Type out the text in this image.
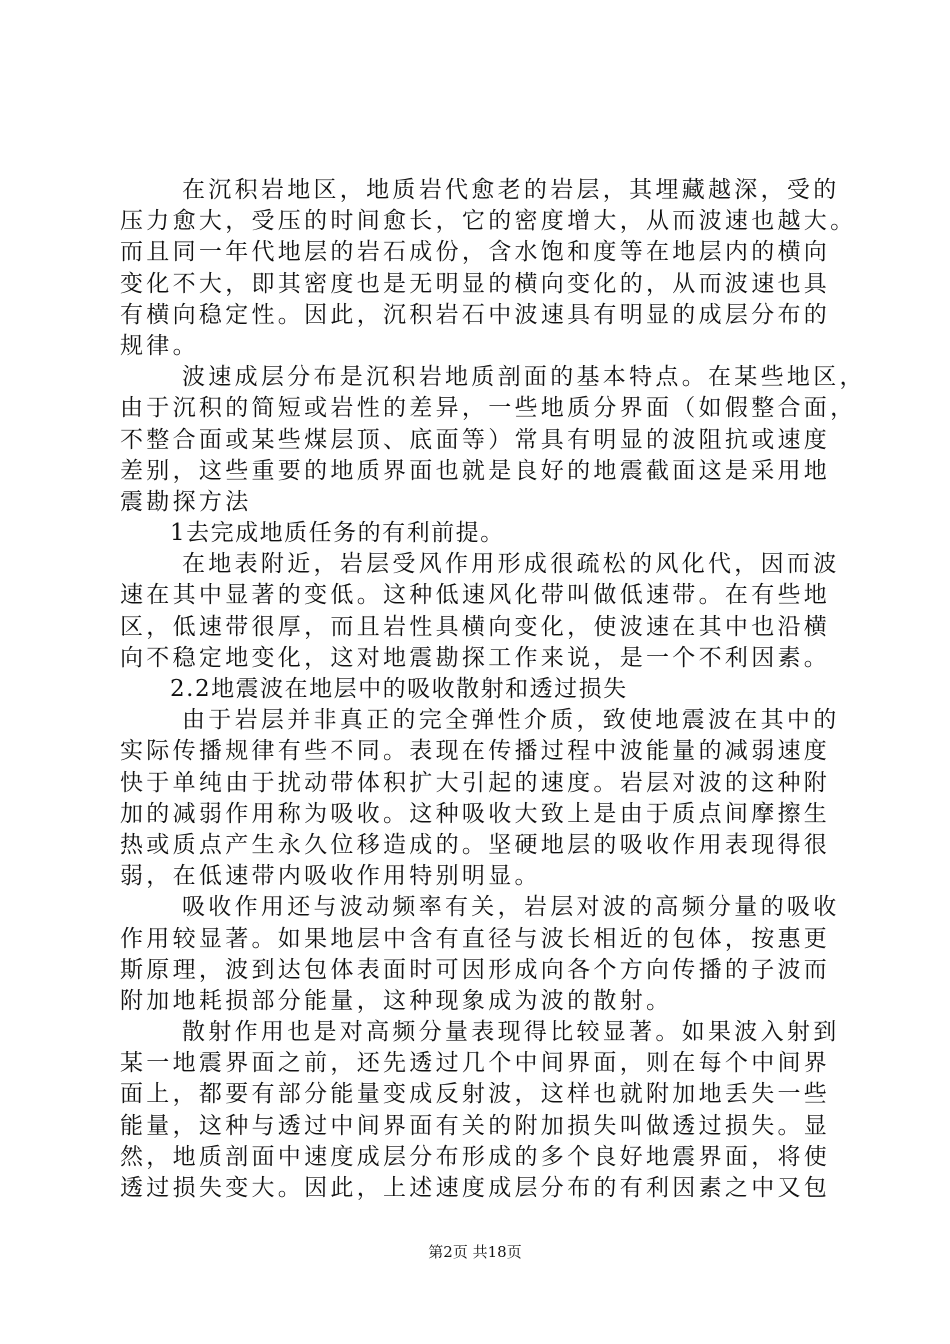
在沉积岩地区，地质岩代愈老的岩层，其埋藏越深，受的
压力愈大，受压的时间愈长，它的密度增大，从而波速也越大。
而且同一年代地层的岩石成份，含水饱和度等在地层内的横向
变化不大，即其密度也是无明显的横向变化的，从而波速也具
有横向稳定性。因此，沉积岩石中波速具有明显的成层分布的
规律。
波速成层分布是沉积岩地质剖面的基本特点。在某些地区，
由于沉积的简短或岩性的差异，一些地质分界面（如假整合面，
不整合面或某些煤层顶、底面等）常具有明显的波阻抗或速度
差别，这些重要的地质界面也就是良好的地震截面这是采用地
震勘探方法
1去完成地质任务的有利前提。
在地表附近，岩层受风作用形成很疏松的风化代，因而波
速在其中显著的变低。这种低速风化带叫做低速带。在有些地
区，低速带很厚，而且岩性具横向变化，使波速在其中也沿横
向不稳定地变化，这对地震勘探工作来说，是一个不利因素。
2.2地震波在地层中的吸收散射和透过损失
由于岩层并非真正的完全弹性介质，致使地震波在其中的
实际传播规律有些不同。表现在传播过程中波能量的减弱速度
快于单纯由于扰动带体积扩大引起的速度。岩层对波的这种附
加的减弱作用称为吸收。这种吸收大致上是由于质点间摩擦生
热或质点产生永久位移造成的。坚硬地层的吸收作用表现得很
弱，在低速带内吸收作用特别明显。
吸收作用还与波动频率有关，岩层对波的高频分量的吸收
作用较显著。如果地层中含有直径与波长相近的包体，按惠更
斯原理，波到达包体表面时可因形成向各个方向传播的子波而
附加地耗损部分能量，这种现象成为波的散射。
散射作用也是对高频分量表现得比较显著。如果波入射到
某一地震界面之前，还先透过几个中间界面，则在每个中间界
面上，都要有部分能量变成反射波，这样也就附加地丢失一些
能量，这种与透过中间界面有关的附加损失叫做透过损失。显
然，地质剖面中速度成层分布形成的多个良好地震界面，将使
透过损失变大。因此，上述速度成层分布的有利因素之中又包
第2页 共18页
